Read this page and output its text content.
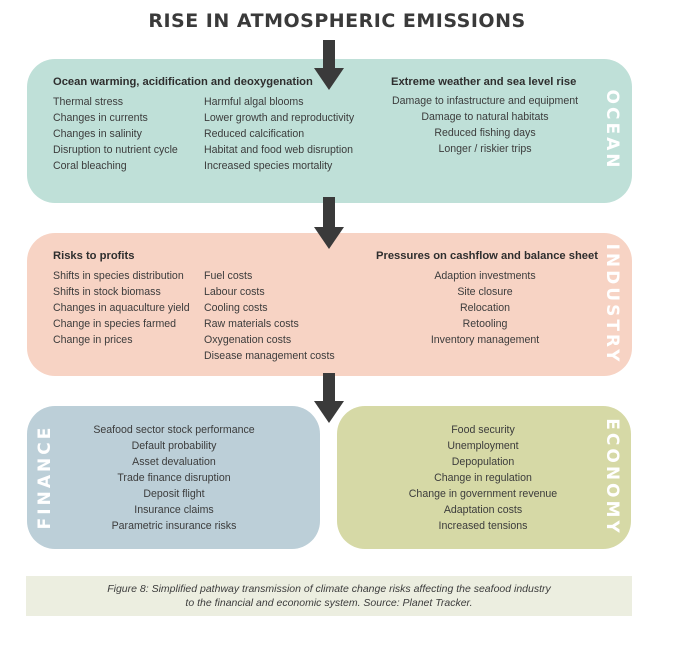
RISE IN ATMOSPHERIC EMISSIONS
Ocean warming, acidification and deoxygenation
Thermal stress
Changes in currents
Changes in salinity
Disruption to nutrient cycle
Coral bleaching
Harmful algal blooms
Lower growth and reproductivity
Reduced calcification
Habitat and food web disruption
Increased species mortality
Extreme weather and sea level rise
Damage to infastructure and equipment
Damage to natural habitats
Reduced fishing days
Longer / riskier trips	OCEAN
Risks to profits
Shifts in species distribution
Shifts in stock biomass
Changes in aquaculture yield
Change in species farmed
Change in prices
Fuel costs
Labour costs
Cooling costs
Raw materials costs
Oxygenation costs
Disease management costs
Pressures on cashflow and balance sheet
Adaption investments
Site closure
Relocation
Retooling
Inventory management	INDUSTRY
FINANCE	Seafood sector stock performance
Default probability
Asset devaluation
Trade finance disruption
Deposit flight
Insurance claims
Parametric insurance risks
Food security
Unemployment
Depopulation
Change in regulation
Change in government revenue
Adaptation costs
Increased tensions	ECONOMY
Figure 8: Simplified pathway transmission of climate change risks affecting the seafood industry
to the financial and economic system. Source: Planet Tracker.
